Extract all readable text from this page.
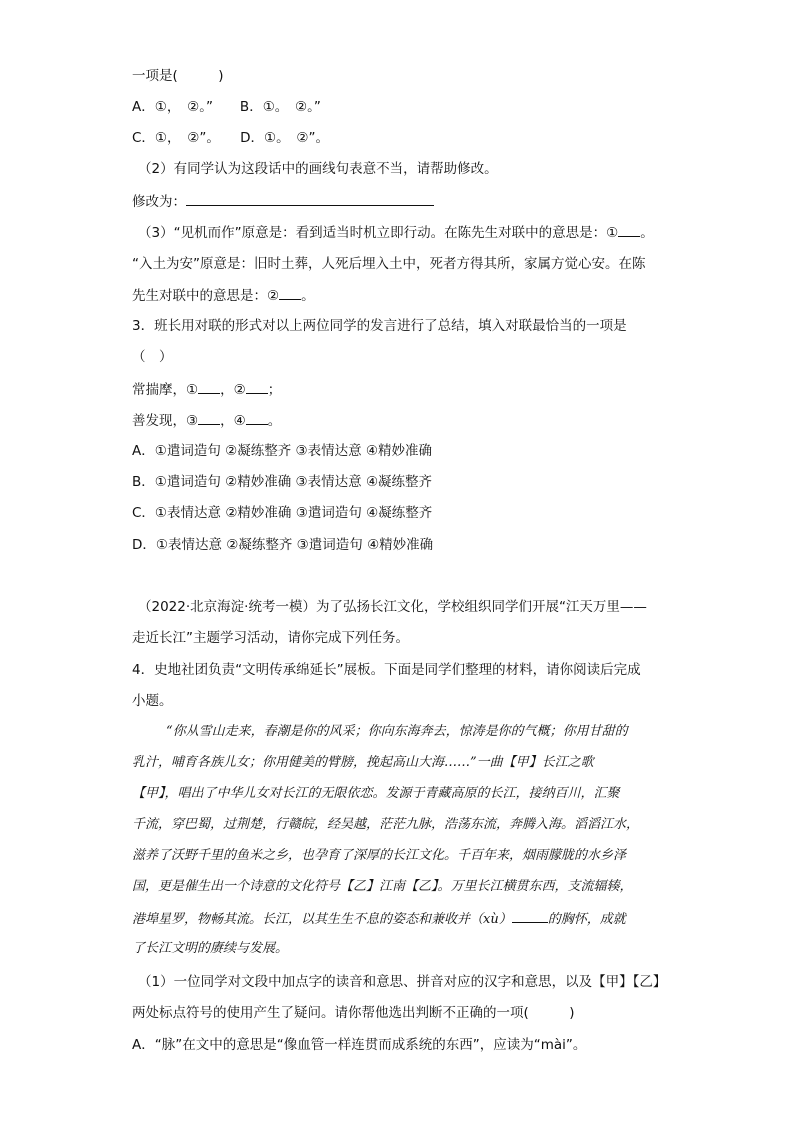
一项是(　　　)
A．①，　②。”　　B．①。　②。”
C．①，　②”。　　D．①。　②”。
（2）有同学认为这段话中的画线句表意不当，请帮助修改。
修改为：
（3）“见机而作”原意是：看到适当时机立即行动。在陈先生对联中的意思是：① 。
“入土为安”原意是：旧时土葬，人死后埋入土中，死者方得其所，家属方觉心安。在陈
先生对联中的意思是：② 。
3．班长用对联的形式对以上两位同学的发言进行了总结，填入对联最恰当的一项是
（　）
常揣摩，① ，② ；
善发现，③ ，④ 。
A．①遣词造句 ②凝练整齐 ③表情达意 ④精妙准确
B．①遣词造句 ②精妙准确 ③表情达意 ④凝练整齐
C．①表情达意 ②精妙准确 ③遣词造句 ④凝练整齐
D．①表情达意 ②凝练整齐 ③遣词造句 ④精妙准确
（2022·北京海淀·统考一模）为了弘扬长江文化，学校组织同学们开展“江天万里——
走近长江”主题学习活动，请你完成下列任务。
4．史地社团负责“文明传承绵延长”展板。下面是同学们整理的材料，请你阅读后完成
小题。
“你从雪山走来，春潮是你的风采；你向东海奔去，惊涛是你的气概；你用甘甜的
乳汁，哺育各族儿女；你用健美的臂膀，挽起高山大海……”一曲【甲】长江之歌
【甲】，唱出了中华儿女对长江的无限依恋。发源于青藏高原的长江，接纳百川，汇聚
千流，穿巴蜀，过荆楚，行赣皖，经吴越，茫茫九脉，浩荡东流，奔腾入海。滔滔江水，
滋养了沃野千里的鱼米之乡，也孕育了深厚的长江文化。千百年来，烟雨朦胧的水乡泽
国，更是催生出一个诗意的文化符号【乙】江南【乙】。万里长江横贯东西，支流辐辏，
港埠星罗，物畅其流。长江，以其生生不息的姿态和兼收并（xù）	的胸怀，成就
了长江文明的赓续与发展。
（1）一位同学对文段中加点字的读音和意思、拼音对应的汉字和意思，以及【甲】【乙】
两处标点符号的使用产生了疑问。请你帮他选出判断不正确的一项(　　　)
A．“脉”在文中的意思是“像血管一样连贯而成系统的东西”，应读为“mài”。
